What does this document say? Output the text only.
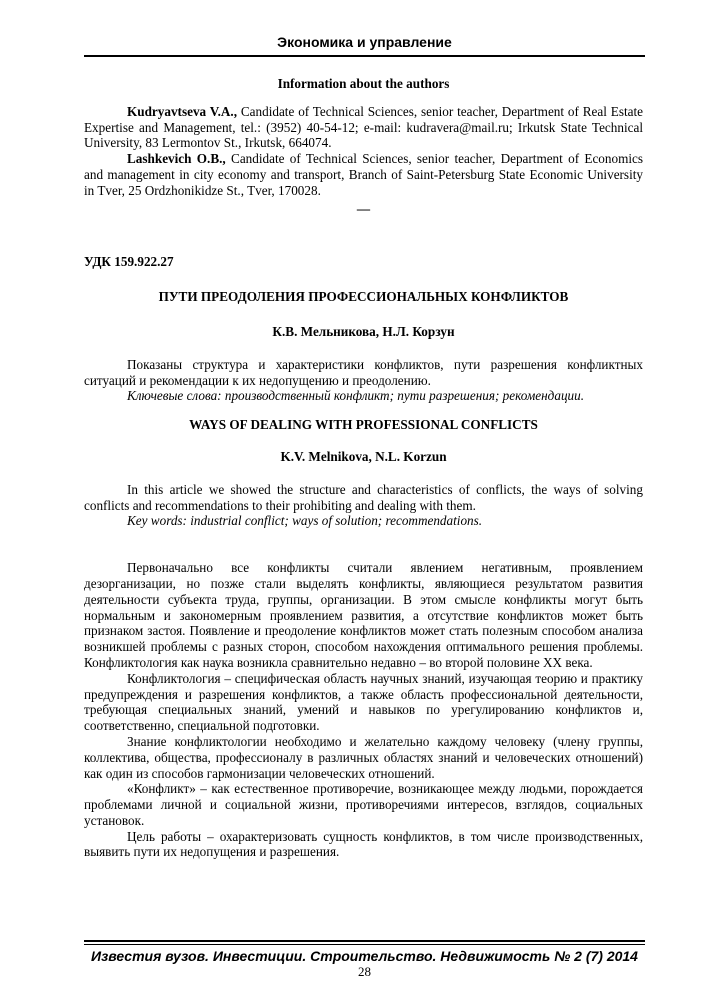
Экономика и управление

Information about the authors

Kudryavtseva V.A., Candidate of Technical Sciences, senior teacher, Department of Real Estate Expertise and Management, tel.: (3952) 40-54-12; e-mail: kudravera@mail.ru; Irkutsk State Technical University, 83 Lermontov St., Irkutsk, 664074.

Lashkevich O.B., Candidate of Technical Sciences, senior teacher, Department of Economics and management in city economy and transport, Branch of Saint-Petersburg State Economic University in Tver, 25 Ordzhonikidze St., Tver, 170028.

—

УДК 159.922.27

ПУТИ ПРЕОДОЛЕНИЯ ПРОФЕССИОНАЛЬНЫХ КОНФЛИКТОВ

К.В. Мельникова, Н.Л. Корзун

Показаны структура и характеристики конфликтов, пути разрешения конфликтных ситуаций и рекомендации к их недопущению и преодолению.

Ключевые слова: производственный конфликт; пути разрешения; рекомендации.

WAYS OF DEALING WITH PROFESSIONAL CONFLICTS

K.V. Melnikova, N.L. Korzun

In this article we showed the structure and characteristics of conflicts, the ways of solving conflicts and recommendations to their prohibiting and dealing with them.

Key words: industrial conflict; ways of solution; recommendations.

Первоначально все конфликты считали явлением негативным, проявлением дезорганизации, но позже стали выделять конфликты, являющиеся результатом развития деятельности субъекта труда, группы, организации. В этом смысле конфликты могут быть нормальным и закономерным проявлением развития, а отсутствие конфликтов может быть признаком застоя. Появление и преодоление конфликтов может стать полезным способом анализа возникшей проблемы с разных сторон, способом нахождения оптимального решения проблемы. Конфликтология как наука возникла сравнительно недавно – во второй половине XX века.

Конфликтология – специфическая область научных знаний, изучающая теорию и практику предупреждения и разрешения конфликтов, а также область профессиональной деятельности, требующая специальных знаний, умений и навыков по урегулированию конфликтов и, соответственно, специальной подготовки.

Знание конфликтологии необходимо и желательно каждому человеку (члену группы, коллектива, общества, профессионалу в различных областях знаний и человеческих отношений) как один из способов гармонизации человеческих отношений.

«Конфликт» – как естественное противоречие, возникающее между людьми, порождается проблемами личной и социальной жизни, противоречиями интересов, взглядов, социальных установок.

Цель работы – охарактеризовать сущность конфликтов, в том числе производственных, выявить пути их недопущения и разрешения.

Известия вузов. Инвестиции. Строительство. Недвижимость № 2 (7) 2014
28
